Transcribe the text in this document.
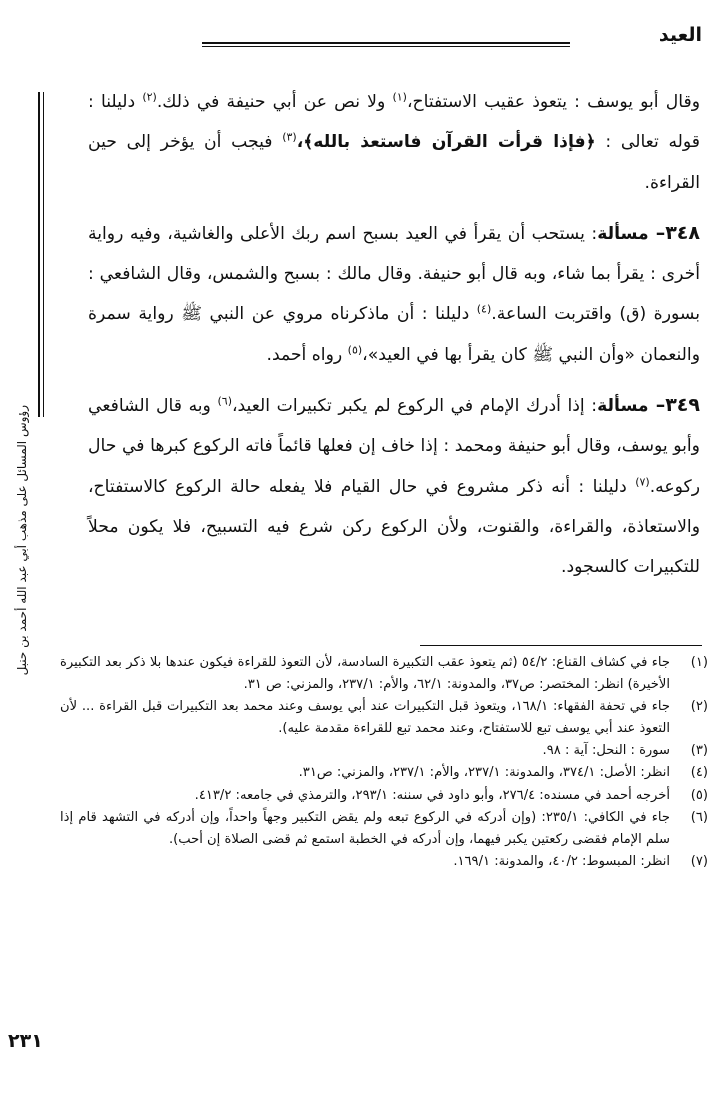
العيد
رؤوس المسائل على مذهب أبي عبد الله أحمد بن حنبل

وقال أبو يوسف : يتعوذ عقيب الاستفتاح،$^{(١)}$ ولا نص عن أبي حنيفة في ذلك.$^{(٢)}$ دليلنا : قوله تعالى : ﴿فإذا قرأت القرآن فاستعذ بالله﴾،$^{(٣)}$ فيجب أن يؤخر إلى حين القراءة.

٣٤٨– مسألة: يستحب أن يقرأ في العيد بسبح اسم ربك الأعلى والغاشية، وفيه رواية أخرى : يقرأ بما شاء، وبه قال أبو حنيفة. وقال مالك : بسبح والشمس، وقال الشافعي : بسورة (ق) واقتربت الساعة.$^{(٤)}$ دليلنا : أن ماذكرناه مروي عن النبي ﷺ رواية سمرة والنعمان «وأن النبي ﷺ كان يقرأ بها في العيد»،$^{(٥)}$ رواه أحمد.

٣٤٩– مسألة: إذا أدرك الإمام في الركوع لم يكبر تكبيرات العيد،$^{(٦)}$ وبه قال الشافعي وأبو يوسف، وقال أبو حنيفة ومحمد : إذا خاف إن فعلها قائماً فاته الركوع كبرها في حال ركوعه.$^{(٧)}$ دليلنا : أنه ذكر مشروع في حال القيام فلا يفعله حالة الركوع كالاستفتاح، والاستعاذة، والقراءة، والقنوت، ولأن الركوع ركن شرع فيه التسبيح، فلا يكون محلاً للتكبيرات كالسجود.

(١)
جاء في كشاف القناع: ٥٤/٢ (ثم يتعوذ عقب التكبيرة السادسة، لأن التعوذ للقراءة فيكون عندها بلا ذكر بعد التكبيرة الأخيرة) انظر: المختصر: ص٣٧، والمدونة: ٦٢/١، والأم: ٢٣٧/١، والمزني: ص ٣١.
(٢)
جاء في تحفة الفقهاء: ١٦٨/١، ويتعوذ قبل التكبيرات عند أبي يوسف وعند محمد بعد التكبيرات قبل القراءة ... لأن التعوذ عند أبي يوسف تبع للاستفتاح، وعند محمد تبع للقراءة مقدمة عليه).
(٣)
سورة : النحل: آية : ٩٨.
(٤)
انظر: الأصل: ٣٧٤/١، والمدونة: ٢٣٧/١، والأم: ٢٣٧/١، والمزني: ص٣١.
(٥)
أخرجه أحمد في مسنده: ٢٧٦/٤، وأبو داود في سننه: ٢٩٣/١، والترمذي في جامعه: ٤١٣/٢.
(٦)
جاء في الكافي: ٢٣٥/١: (وإن أدركه في الركوع تبعه ولم يقض التكبير وجهاً واحداً، وإن أدركه في التشهد قام إذا سلم الإمام فقضى ركعتين يكبر فيهما، وإن أدركه في الخطبة استمع ثم قضى الصلاة إن أحب).
(٧)
انظر: المبسوط: ٤٠/٢، والمدونة: ١٦٩/١.
٢٣١
